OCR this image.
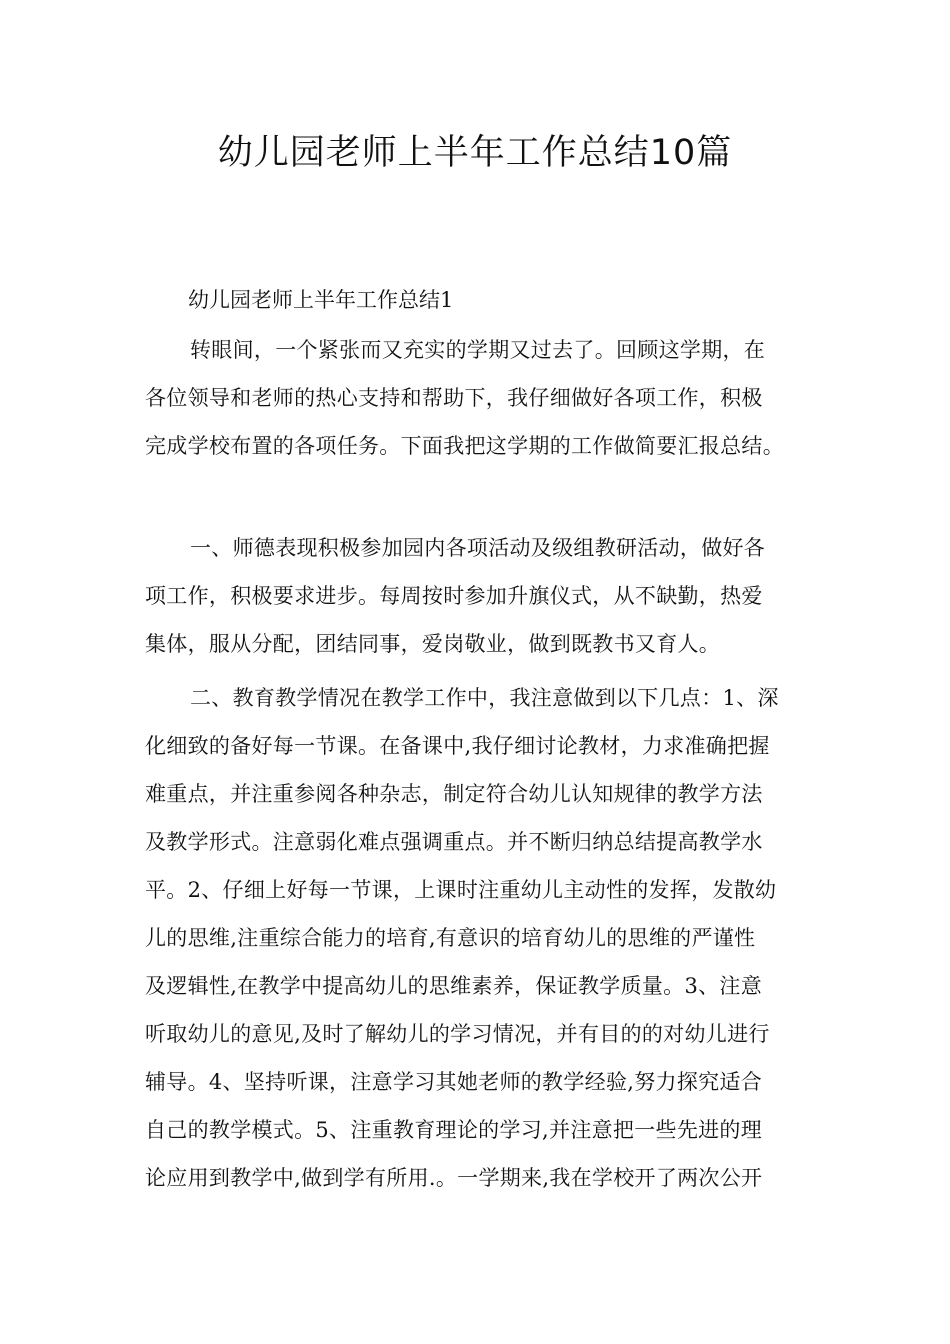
幼儿园老师上半年工作总结10篇
幼儿园老师上半年工作总结1

转眼间，一个紧张而又充实的学期又过去了。回顾这学期，在
各位领导和老师的热心支持和帮助下，我仔细做好各项工作，积极
完成学校布置的各项任务。下面我把这学期的工作做简要汇报总结。

一、师德表现积极参加园内各项活动及级组教研活动，做好各
项工作，积极要求进步。每周按时参加升旗仪式，从不缺勤，热爱
集体，服从分配，团结同事，爱岗敬业，做到既教书又育人。

二、教育教学情况在教学工作中，我注意做到以下几点：1、深
化细致的备好每一节课。在备课中,我仔细讨论教材，力求准确把握
难重点，并注重参阅各种杂志，制定符合幼儿认知规律的教学方法
及教学形式。注意弱化难点强调重点。并不断归纳总结提高教学水
平。2、仔细上好每一节课，上课时注重幼儿主动性的发挥，发散幼
儿的思维,注重综合能力的培育,有意识的培育幼儿的思维的严谨性
及逻辑性,在教学中提高幼儿的思维素养，保证教学质量。3、注意
听取幼儿的意见,及时了解幼儿的学习情况，并有目的的对幼儿进行
辅导。4、坚持听课，注意学习其她老师的教学经验,努力探究适合
自己的教学模式。5、注重教育理论的学习,并注意把一些先进的理
论应用到教学中,做到学有所用.。一学期来,我在学校开了两次公开
